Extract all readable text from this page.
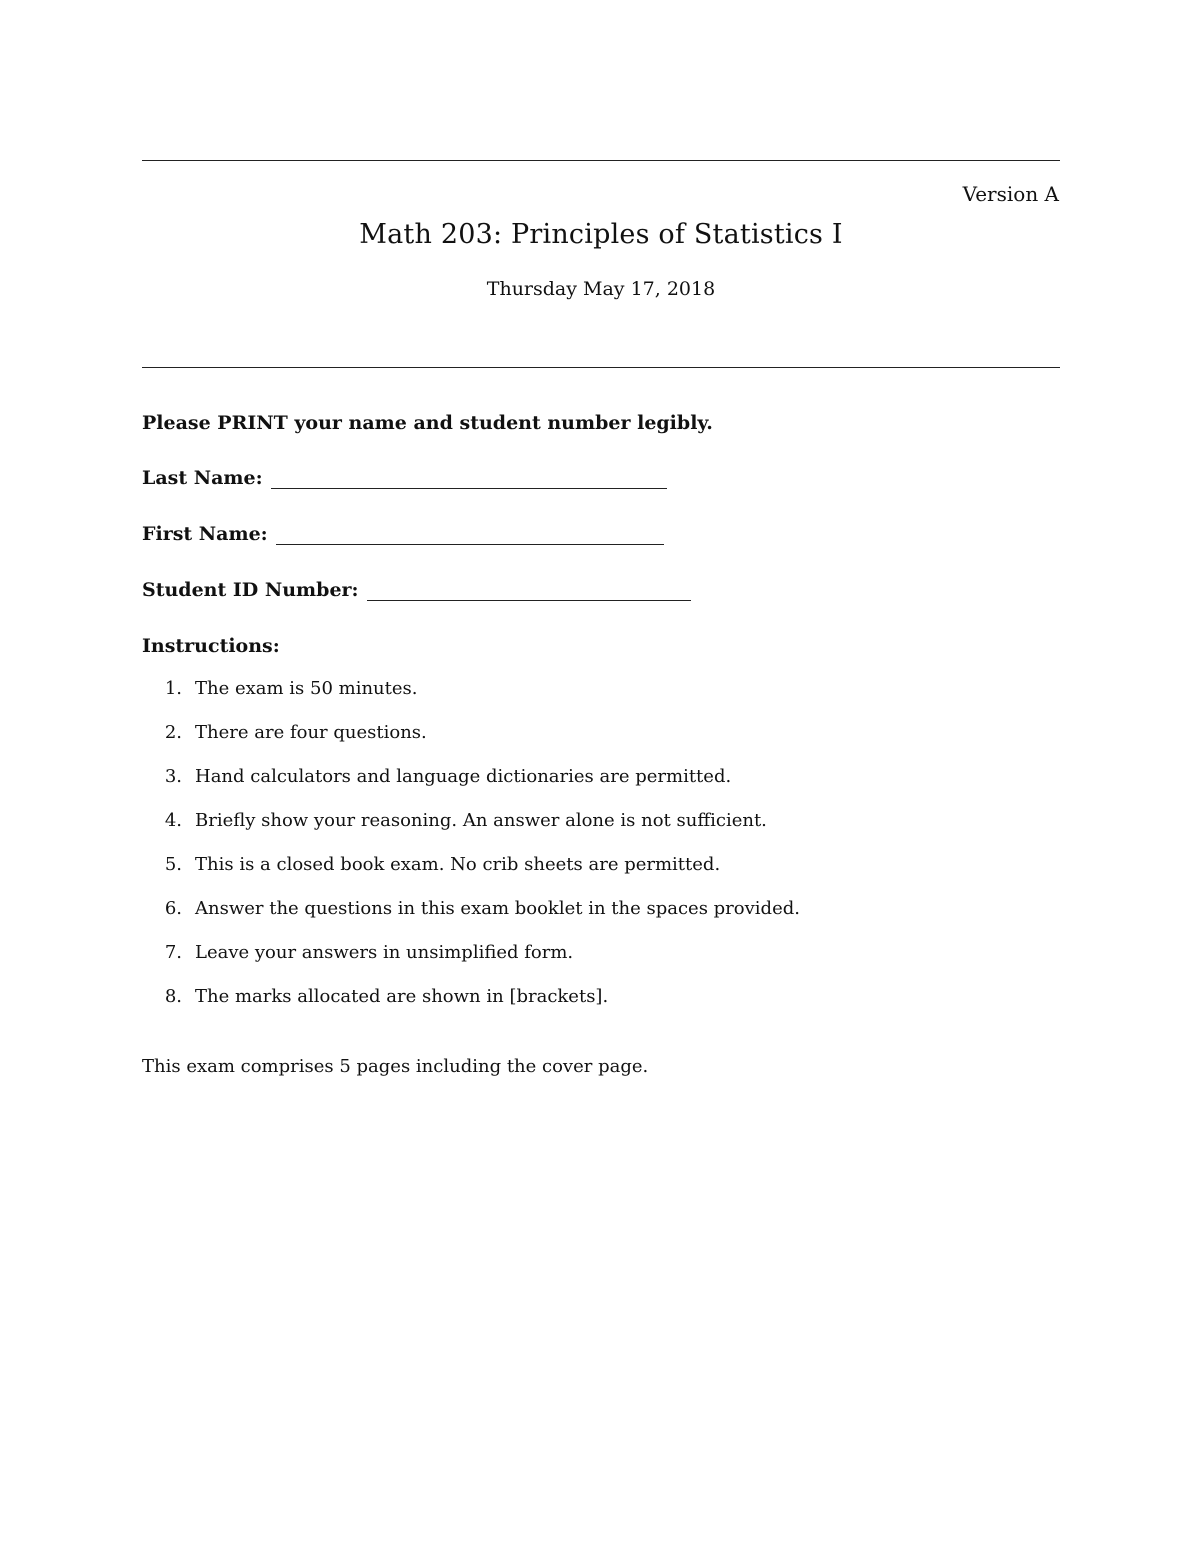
Version A
Math 203: Principles of Statistics I
Thursday May 17, 2018
Please PRINT your name and student number legibly.
Last Name:
First Name:
Student ID Number:
Instructions:
1. The exam is 50 minutes.
2. There are four questions.
3. Hand calculators and language dictionaries are permitted.
4. Briefly show your reasoning. An answer alone is not sufficient.
5. This is a closed book exam. No crib sheets are permitted.
6. Answer the questions in this exam booklet in the spaces provided.
7. Leave your answers in unsimplified form.
8. The marks allocated are shown in [brackets].
This exam comprises 5 pages including the cover page.
